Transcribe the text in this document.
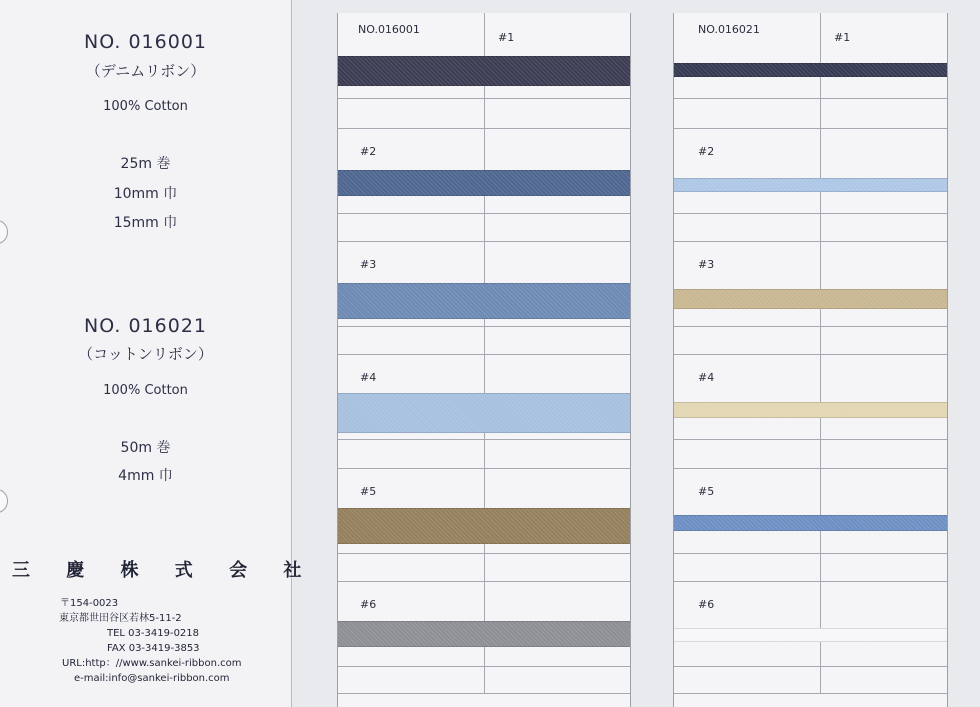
NO. 016001
（デニムリボン）
100% Cotton
25m 巻
10mm 巾
15mm 巾
NO. 016021
（コットンリボン）
100% Cotton
50m 巻
4mm 巾
三 慶 株 式 会 社
〒154-0023
東京都世田谷区若林5-11-2
TEL 03-3419-0218
FAX 03-3419-3853
URL:http：//www.sankei-ribbon.com
e-mail:info@sankei-ribbon.com
NO.016001
#1
#2
#3
#4
#5
#6
NO.016021
#1
#2
#3
#4
#5
#6
